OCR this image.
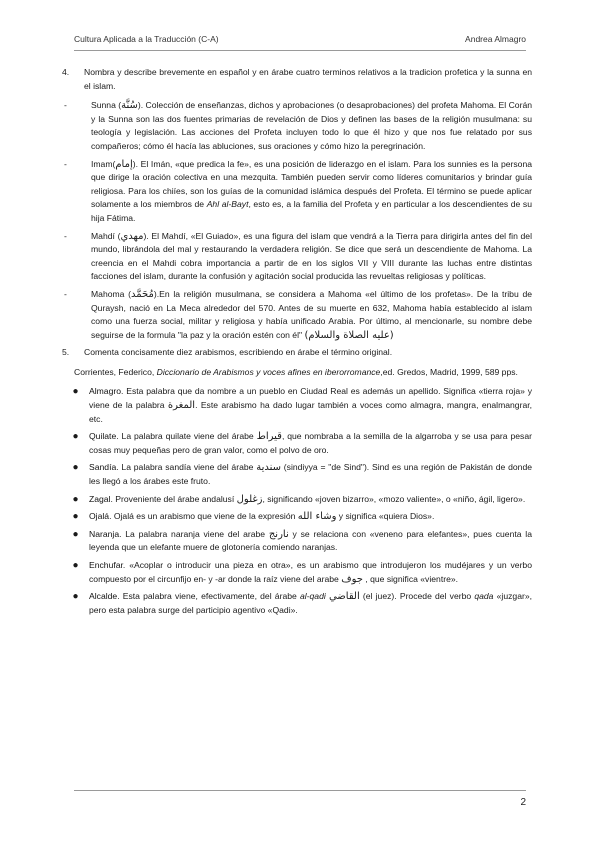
Cultura Aplicada a la Traducción (C-A)	Andrea Almagro
4.	Nombra y describe brevemente en español y en árabe cuatro terminos relativos a la tradicion profetica y la sunna en el islam.
-	Sunna (سُنَّة). Colección de enseñanzas, dichos y aprobaciones (o desaprobaciones) del profeta Mahoma. El Corán y la Sunna son las dos fuentes primarias de revelación de Dios y definen las bases de la religión musulmana: su teología y legislación. Las acciones del Profeta incluyen todo lo que él hizo y que nos fue relatado por sus compañeros; cómo él hacía las abluciones, sus oraciones y cómo hizo la peregrinación.
-	Imam(إمام). El Imán, «que predica la fe», es una posición de liderazgo en el islam. Para los sunnies es la persona que dirige la oración colectiva en una mezquita. También pueden servir como líderes comunitarios y brindar guía religiosa. Para los chiíes, son los guías de la comunidad islámica después del Profeta. El término se puede aplicar solamente a los miembros de Ahl al-Bayt, esto es, a la familia del Profeta y en particular a los descendientes de su hija Fátima.
-	Mahdí (مهدي). El Mahdí, «El Guiado», es una figura del islam que vendrá a la Tierra para dirigirla antes del fin del mundo, librándola del mal y restaurando la verdadera religión. Se dice que será un descendiente de Mahoma. La creencia en el Mahdi cobra importancia a partir de en los siglos VII y VIII durante las luchas entre distintas facciones del islam, durante la confusión y agitación social producida las revueltas religiosas y políticas.
-	Mahoma (مُحَمَّد).En la religión musulmana, se considera a Mahoma «el último de los profetas». De la tribu de Quraysh, nació en La Meca alrededor del 570. Antes de su muerte en 632, Mahoma había establecido al islam como una fuerza social, militar y religiosa y había unificado Arabia. Por último, al mencionarle, su nombre debe seguirse de la formula "la paz y la oración estén con él" (عليه الصلاة والسلام)
5.	Comenta concisamente diez arabismos, escribiendo en árabe el término original.
Corrientes, Federico, Diccionario de Arabismos y voces afines en iberorromance,ed. Gredos, Madrid, 1999, 589 pps.
●	Almagro. Esta palabra que da nombre a un pueblo en Ciudad Real es además un apellido. Significa «tierra roja» y viene de la palabra المغرة. Este arabismo ha dado lugar también a voces como almagra, mangra, enalmangrar, etc.
●	Quilate. La palabra quilate viene del árabe قيراط, que nombraba a la semilla de la algarroba y se usa para pesar cosas muy pequeñas pero de gran valor, como el polvo de oro.
●	Sandía. La palabra sandía viene del árabe سندية (sindiyya = "de Sind"). Sind es una región de Pakistán de donde les llegó a los árabes este fruto.
●	Zagal. Proveniente del árabe andalusí زغلول, significando «joven bizarro», «mozo valiente», o «niño, ágil, ligero».
●	Ojalá. Ojalá es un arabismo que viene de la expresión وشاء الله y significa «quiera Dios».
●	Naranja. La palabra naranja viene del arabe نارنج y se relaciona con «veneno para elefantes», pues cuenta la leyenda que un elefante muere de glotonería comiendo naranjas.
●	Enchufar. «Acoplar o introducir una pieza en otra», es un arabismo que introdujeron los mudéjares y un verbo compuesto por el circunfijo en- y -ar donde la raíz viene del arabe جوف , que significa «vientre».
●	Alcalde. Esta palabra viene, efectivamente, del árabe al-qadi القاضي (el juez). Procede del verbo qada «juzgar», pero esta palabra surge del participio agentivo «Qadi».
2
